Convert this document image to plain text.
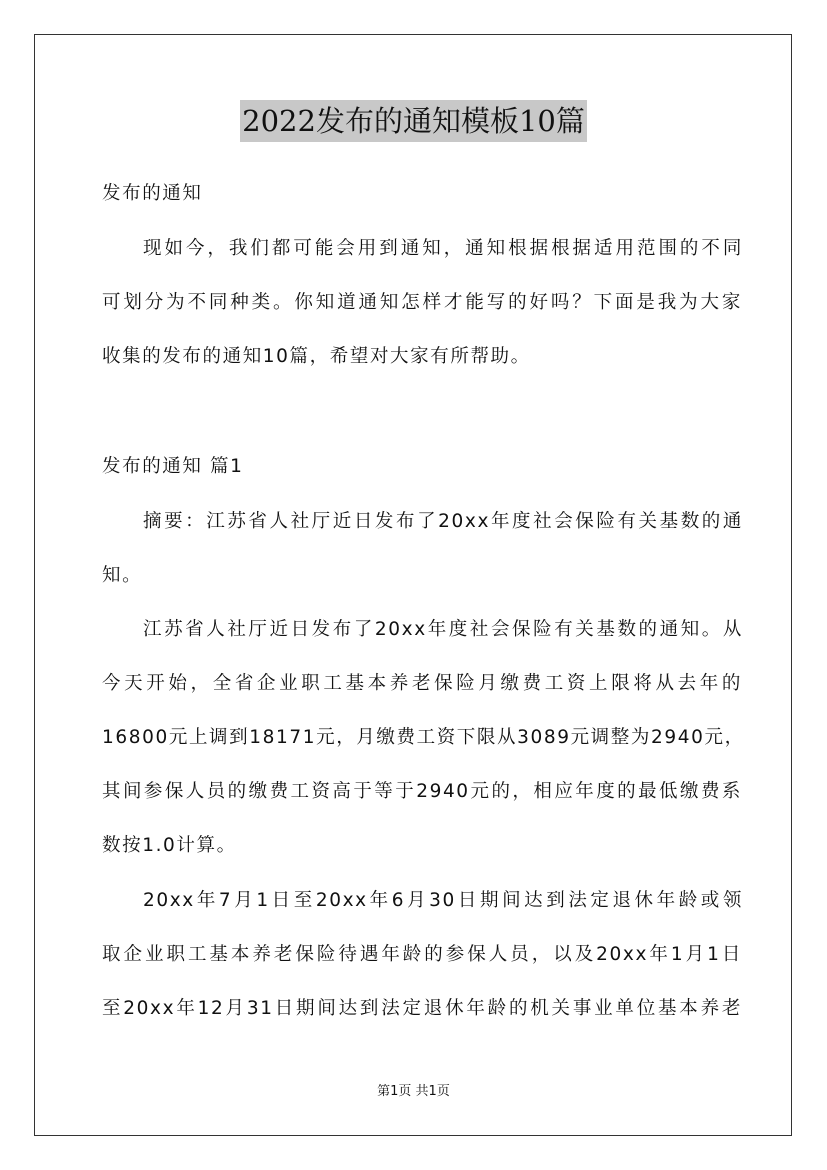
2022发布的通知模板10篇
发布的通知
现如今，我们都可能会用到通知，通知根据根据适用范围的不同
可划分为不同种类。你知道通知怎样才能写的好吗？下面是我为大家
收集的发布的通知10篇，希望对大家有所帮助。
发布的通知 篇1
摘要：江苏省人社厅近日发布了20xx年度社会保险有关基数的通
知。
江苏省人社厅近日发布了20xx年度社会保险有关基数的通知。从
今天开始，全省企业职工基本养老保险月缴费工资上限将从去年的
16800元上调到18171元，月缴费工资下限从3089元调整为2940元，
其间参保人员的缴费工资高于等于2940元的，相应年度的最低缴费系
数按1.0计算。
20xx年7月1日至20xx年6月30日期间达到法定退休年龄或领
取企业职工基本养老保险待遇年龄的参保人员，以及20xx年1月1日
至20xx年12月31日期间达到法定退休年龄的机关事业单位基本养老
第1页 共1页
